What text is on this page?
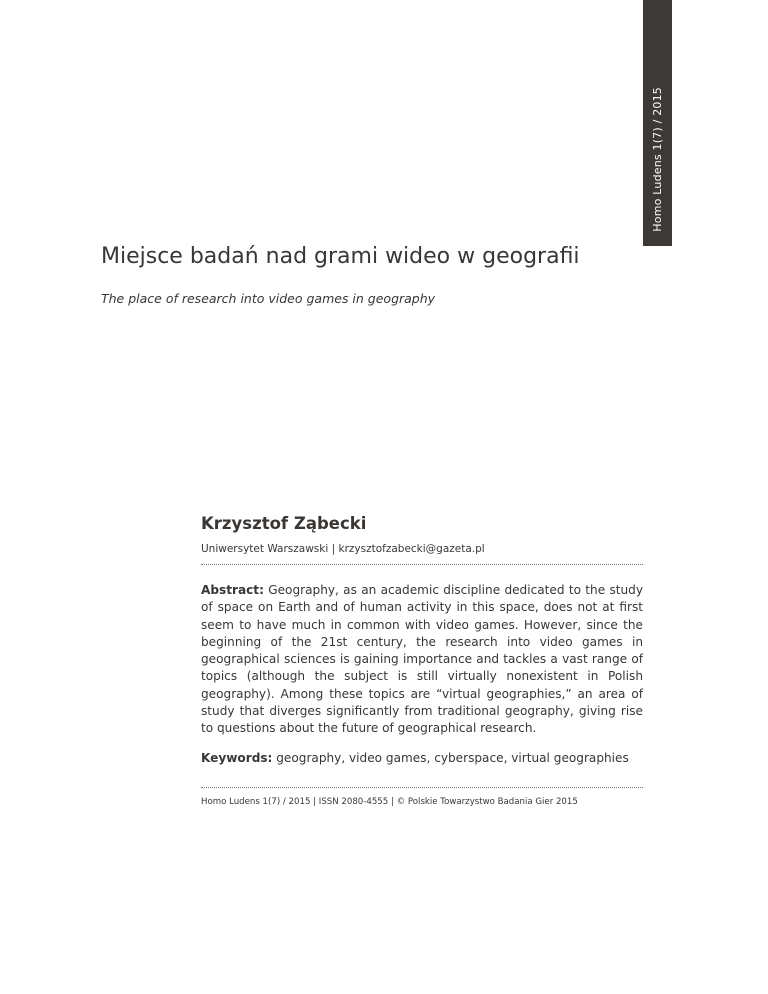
Homo Ludens 1(7) / 2015
Miejsce badań nad grami wideo w geografii

The place of research into video games in geography

Krzysztof Ząbecki
Uniwersytet Warszawski | krzysztofzabecki@gazeta.pl
Abstract: Geography, as an academic discipline dedicated to the study of space on Earth and of human activity in this space, does not at first seem to have much in common with video games. However, since the beginning of the 21st century, the research into video games in geographical sciences is gaining importance and tackles a vast range of topics (although the subject is still virtually nonexistent in Polish geography). Among these topics are “virtual geographies,” an area of study that diverges significantly from traditional geography, giving rise to questions about the future of geographical research.
Keywords: geography, video games, cyberspace, virtual geographies
Homo Ludens 1(7) / 2015 | ISSN 2080-4555 | © Polskie Towarzystwo Badania Gier 2015
